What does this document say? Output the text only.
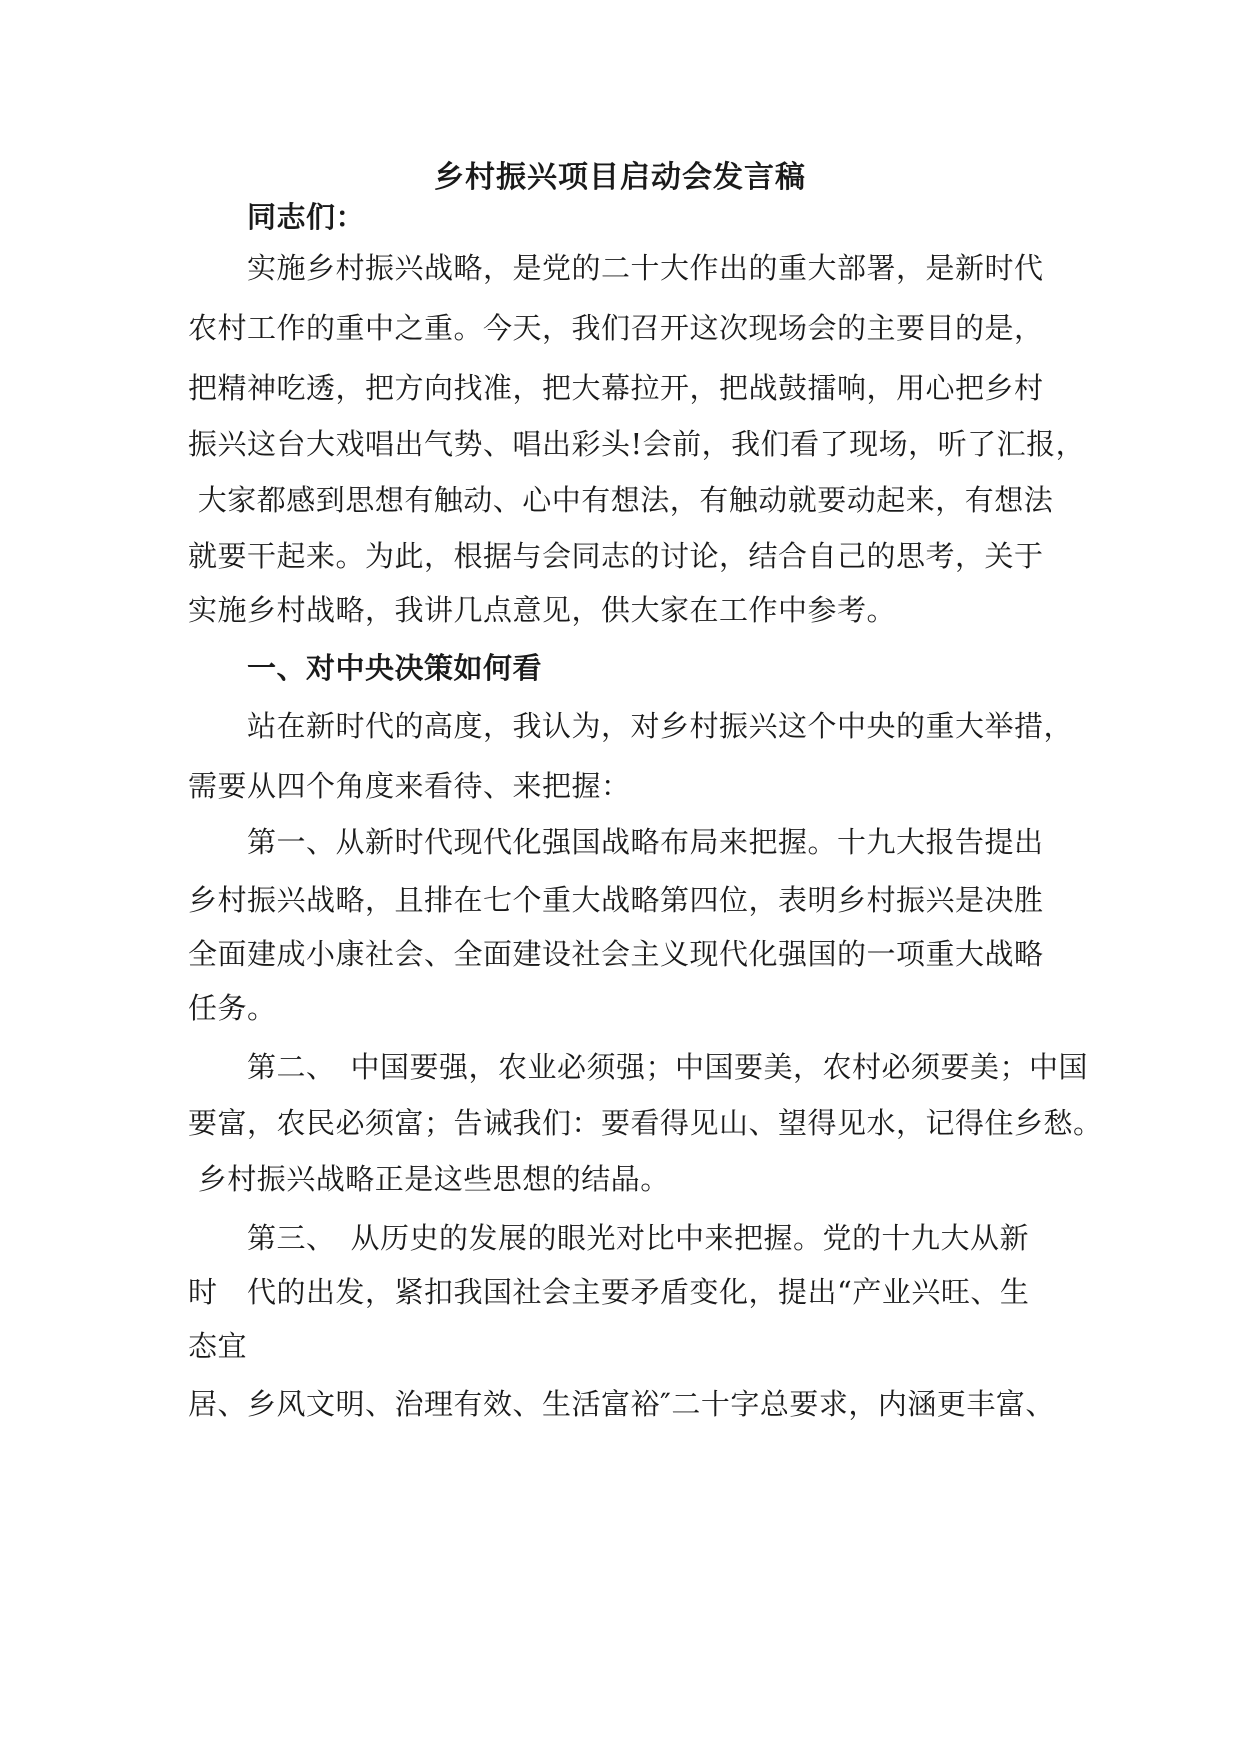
乡村振兴项目启动会发言稿

　　同志们：

　　实施乡村振兴战略，是党的二十大作出的重大部署，是新时代

农村工作的重中之重。今天，我们召开这次现场会的主要目的是，

把精神吃透，把方向找准，把大幕拉开，把战鼓擂响，用心把乡村

振兴这台大戏唱出气势、唱出彩头!会前，我们看了现场，听了汇报，

大家都感到思想有触动、心中有想法，有触动就要动起来，有想法

就要干起来。为此，根据与会同志的讨论，结合自己的思考，关于

实施乡村战略，我讲几点意见，供大家在工作中参考。

　　一、对中央决策如何看

　　站在新时代的高度，我认为，对乡村振兴这个中央的重大举措，

需要从四个角度来看待、来把握：

　　第一、从新时代现代化强国战略布局来把握。十九大报告提出

乡村振兴战略，且排在七个重大战略第四位，表明乡村振兴是决胜

全面建成小康社会、全面建设社会主义现代化强国的一项重大战略

任务。

　　第二、　中国要强，农业必须强；中国要美，农村必须要美；中国

要富，农民必须富；告诫我们：要看得见山、望得见水，记得住乡愁。

乡村振兴战略正是这些思想的结晶。

　　第三、　从历史的发展的眼光对比中来把握。党的十九大从新

时　代的出发，紧扣我国社会主要矛盾变化，提出“产业兴旺、生

态宜

居、乡风文明、治理有效、生活富裕″二十字总要求，内涵更丰富、
